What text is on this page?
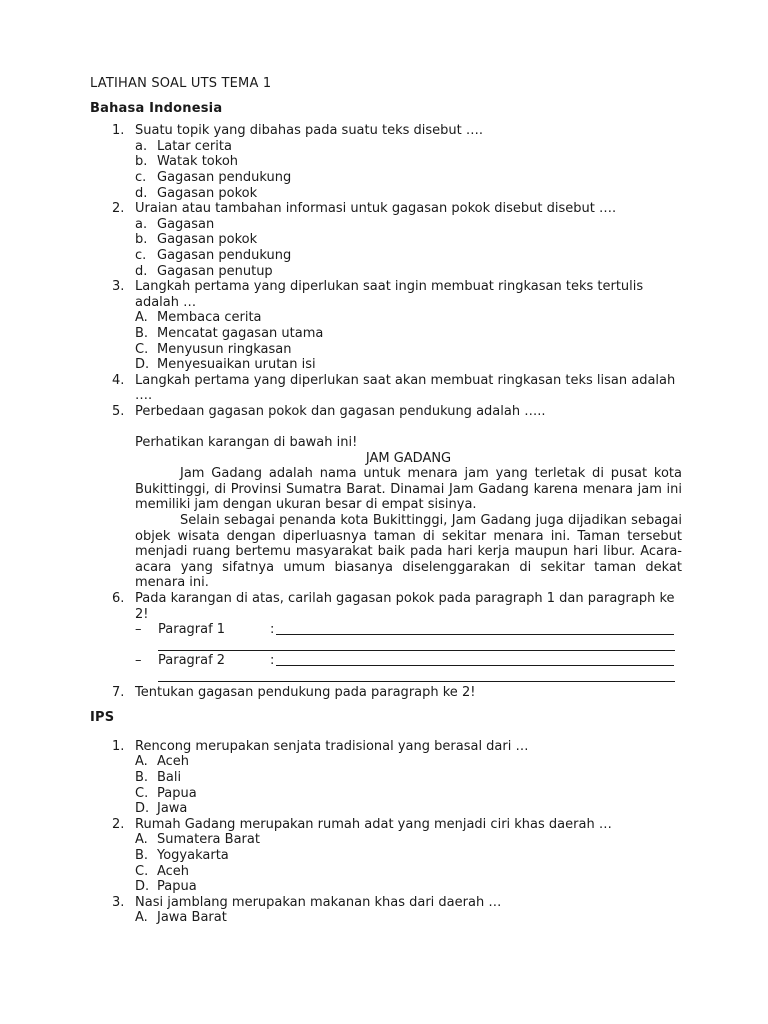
LATIHAN SOAL UTS TEMA 1
Bahasa Indonesia
1. Suatu topik yang dibahas pada suatu teks disebut ….
a. Latar cerita
b. Watak tokoh
c. Gagasan pendukung
d. Gagasan pokok
2. Uraian atau tambahan informasi untuk gagasan pokok disebut disebut ….
a. Gagasan
b. Gagasan pokok
c. Gagasan pendukung
d. Gagasan penutup
3. Langkah pertama yang diperlukan saat ingin membuat ringkasan teks tertulis adalah …
A. Membaca cerita
B. Mencatat gagasan utama
C. Menyusun ringkasan
D. Menyesuaikan urutan isi
4. Langkah pertama yang diperlukan saat akan membuat ringkasan teks lisan adalah ….
5. Perbedaan gagasan pokok dan gagasan pendukung adalah …..
Perhatikan karangan di bawah ini!
JAM GADANG
Jam Gadang adalah nama untuk menara jam yang terletak di pusat kota Bukittinggi, di Provinsi Sumatra Barat. Dinamai Jam Gadang karena menara jam ini memiliki jam dengan ukuran besar di empat sisinya.
Selain sebagai penanda kota Bukittinggi, Jam Gadang juga dijadikan sebagai objek wisata dengan diperluasnya taman di sekitar menara ini. Taman tersebut menjadi ruang bertemu masyarakat baik pada hari kerja maupun hari libur. Acara-acara yang sifatnya umum biasanya diselenggarakan di sekitar taman dekat menara ini.
6. Pada karangan di atas, carilah gagasan pokok pada paragraph 1 dan paragraph ke 2!
– Paragraf 1	:
– Paragraf 2	:
7. Tentukan gagasan pendukung pada paragraph ke 2!
IPS
1. Rencong merupakan senjata tradisional yang berasal dari …
A. Aceh
B. Bali
C. Papua
D. Jawa
2. Rumah Gadang merupakan rumah adat yang menjadi ciri khas daerah …
A. Sumatera Barat
B. Yogyakarta
C. Aceh
D. Papua
3. Nasi jamblang merupakan makanan khas dari daerah …
A. Jawa Barat
